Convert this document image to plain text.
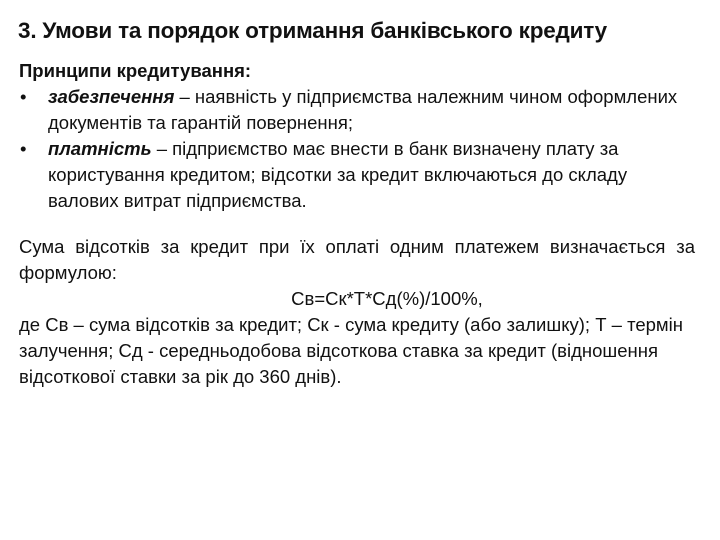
3. Умови та порядок отримання банківського кредиту
Принципи кредитування:
• забезпечення – наявність у підприємства належним чином оформлених документів та гарантій повернення;
• платність – підприємство має внести в банк визначену плату за користування кредитом; відсотки за кредит включаються до складу валових витрат підприємства.
Сума відсотків за кредит при їх оплаті одним платежем визначається за формулою:
Св=Ск*Т*Сд(%)/100%,
де Св – сума відсотків за кредит; Ск - сума кредиту (або залишку); Т – термін залучення; Сд - середньодобова відсоткова ставка за кредит (відношення відсоткової ставки за рік до 360 днів).
